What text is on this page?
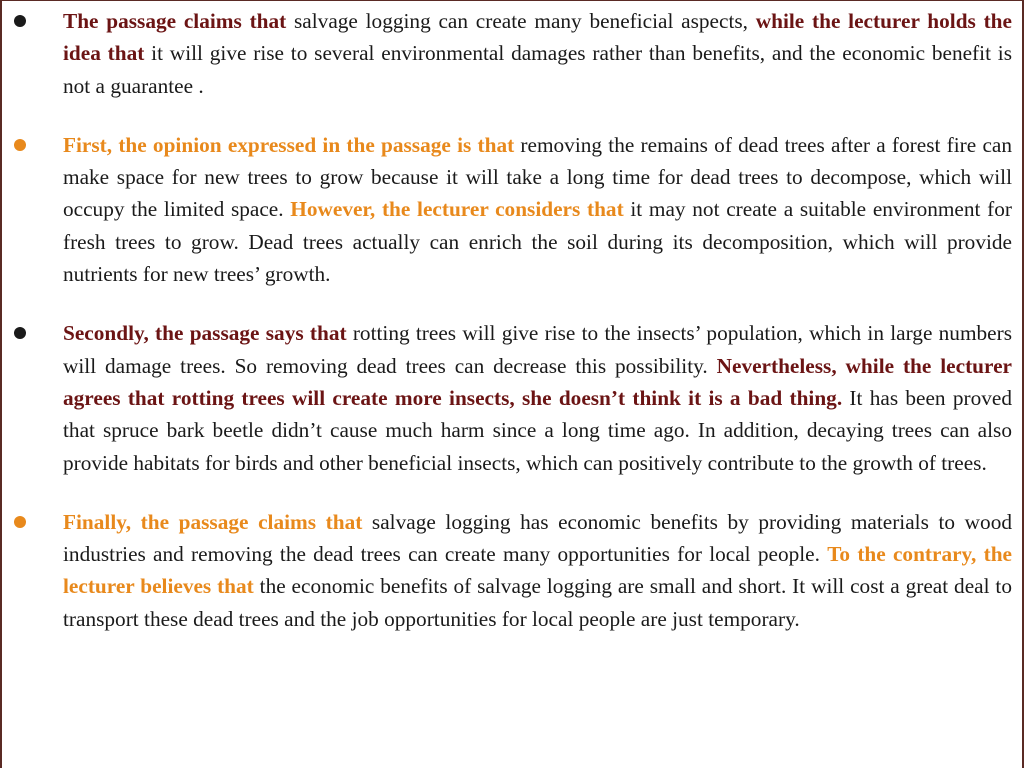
The passage claims that salvage logging can create many beneficial aspects, while the lecturer holds the idea that it will give rise to several environmental damages rather than benefits, and the economic benefit is not a guarantee .
First, the opinion expressed in the passage is that removing the remains of dead trees after a forest fire can make space for new trees to grow because it will take a long time for dead trees to decompose, which will occupy the limited space. However, the lecturer considers that it may not create a suitable environment for fresh trees to grow. Dead trees actually can enrich the soil during its decomposition, which will provide nutrients for new trees’ growth.
Secondly, the passage says that rotting trees will give rise to the insects’ population, which in large numbers will damage trees. So removing dead trees can decrease this possibility. Nevertheless, while the lecturer agrees that rotting trees will create more insects, she doesn’t think it is a bad thing. It has been proved that spruce bark beetle didn’t cause much harm since a long time ago. In addition, decaying trees can also provide habitats for birds and other beneficial insects, which can positively contribute to the growth of trees.
Finally, the passage claims that salvage logging has economic benefits by providing materials to wood industries and removing the dead trees can create many opportunities for local people. To the contrary, the lecturer believes that the economic benefits of salvage logging are small and short. It will cost a great deal to transport these dead trees and the job opportunities for local people are just temporary.
